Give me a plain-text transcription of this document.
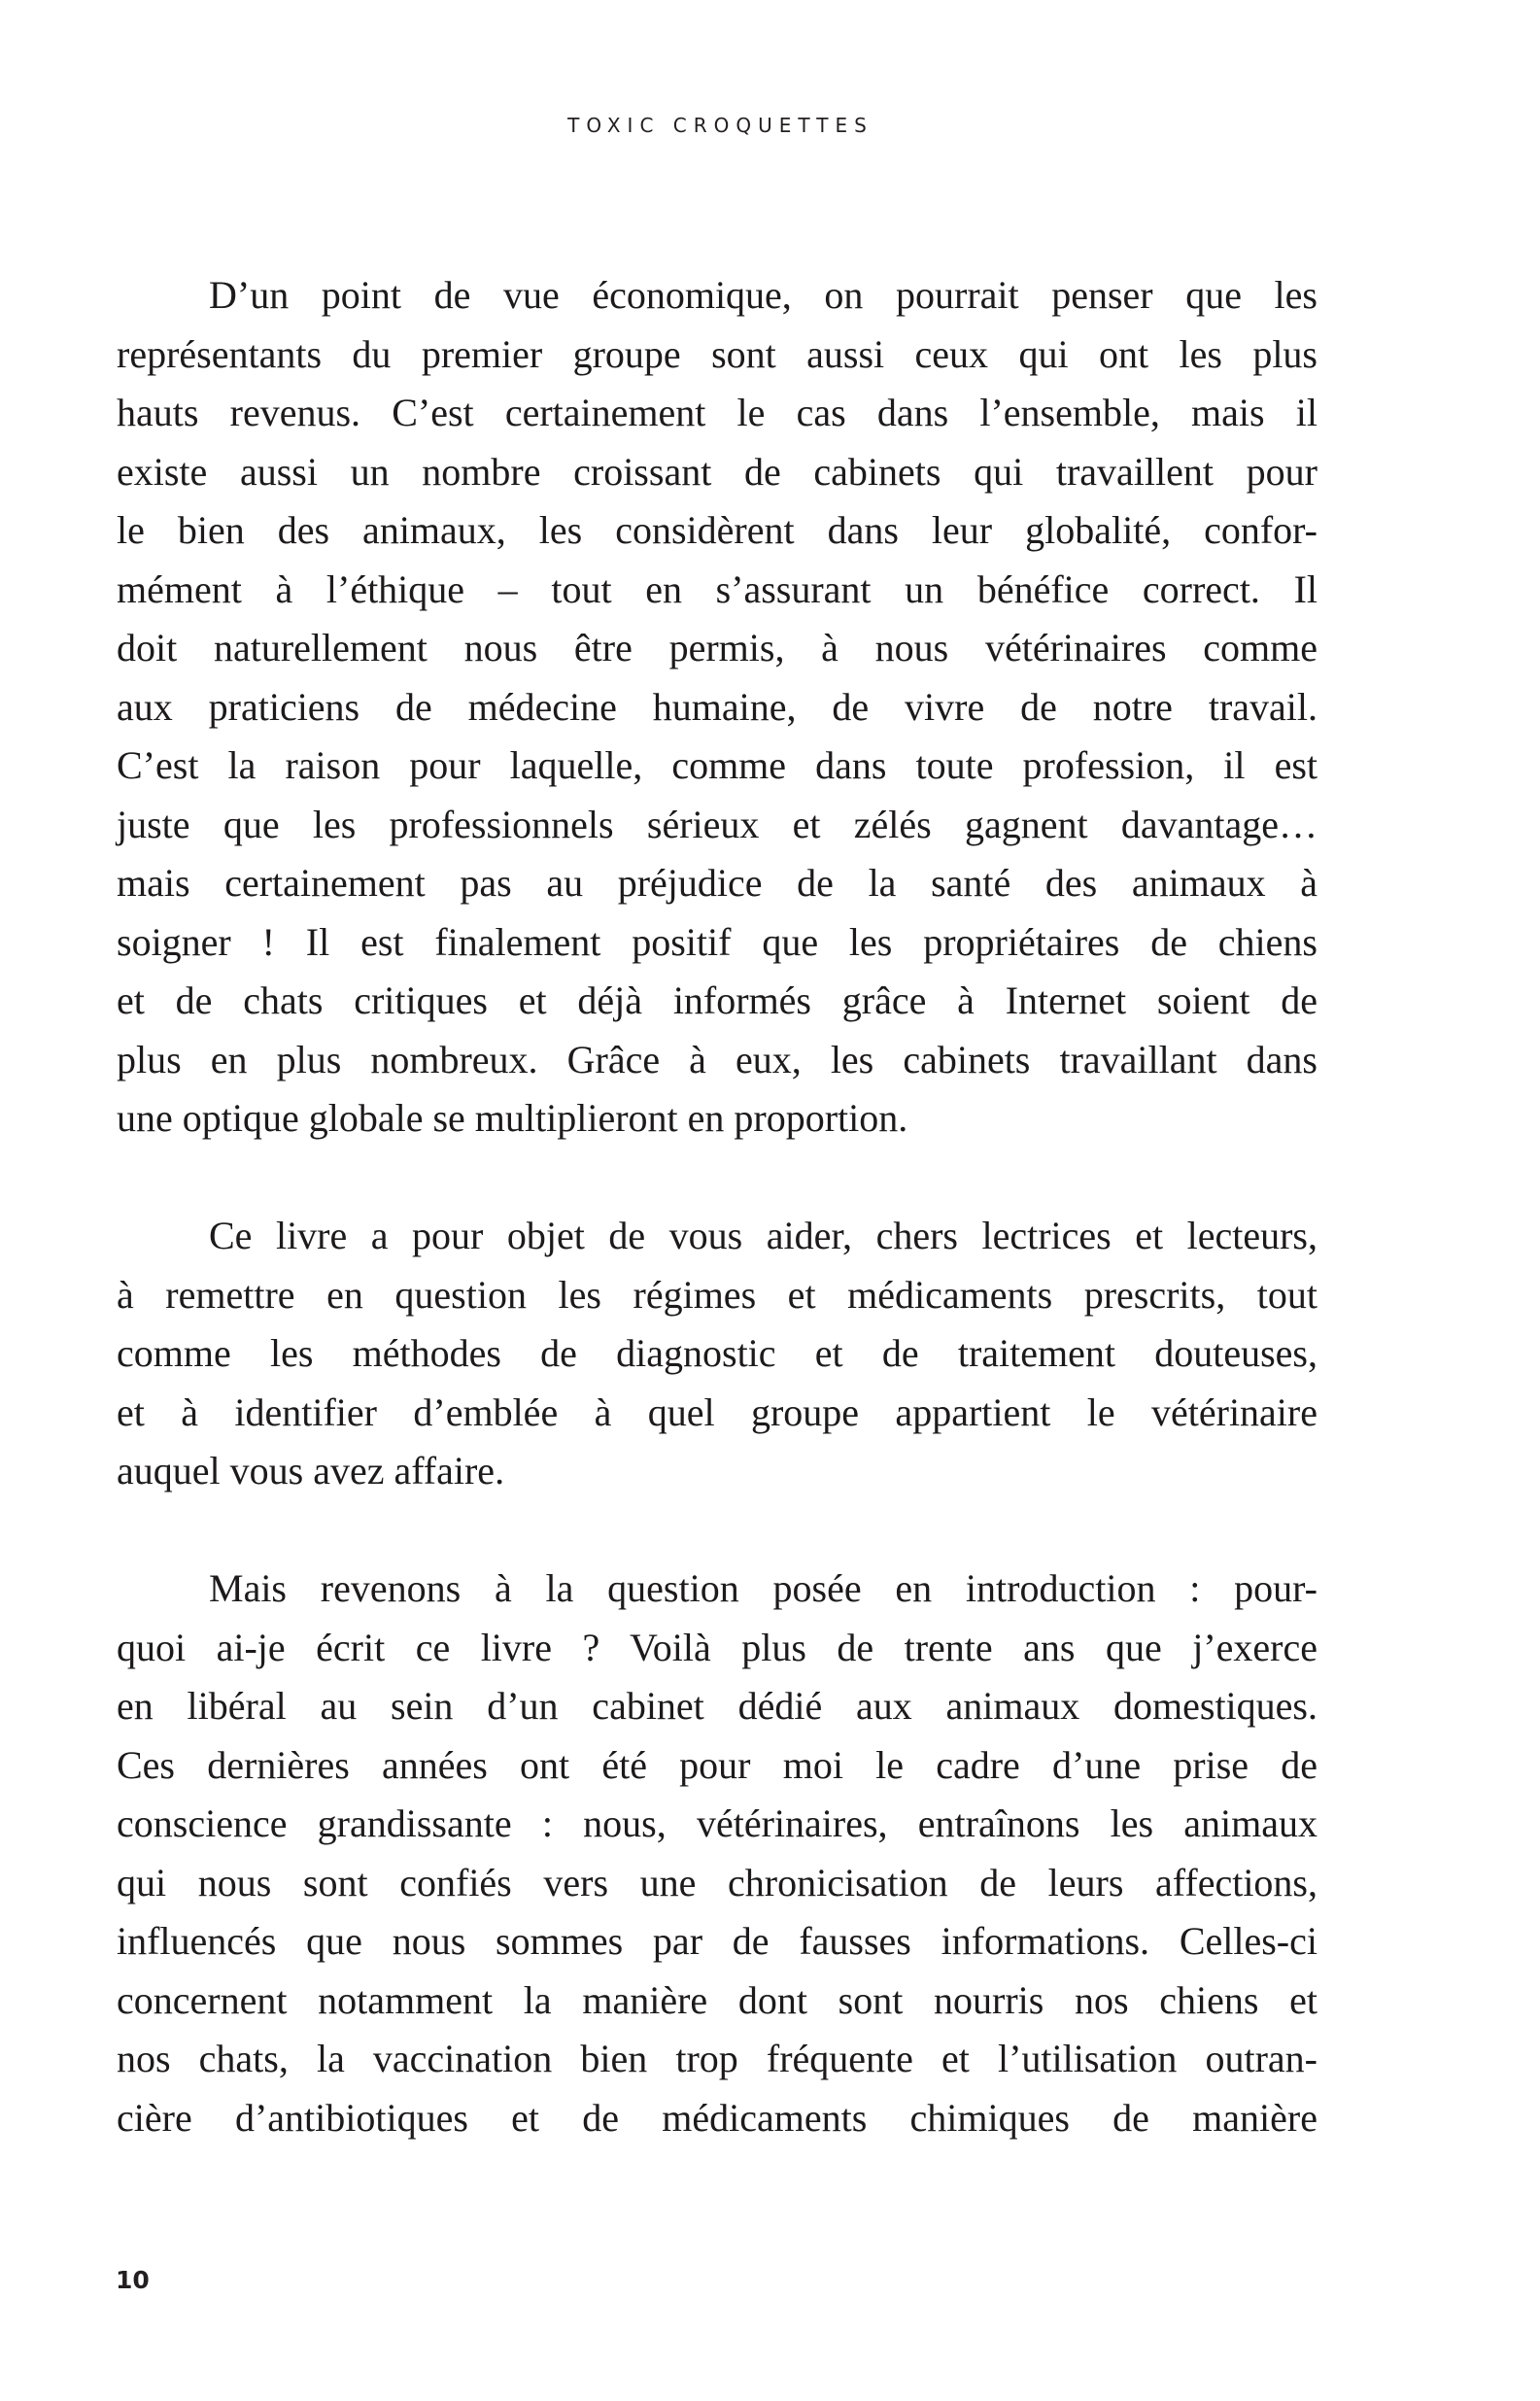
TOXIC CROQUETTES
D’un point de vue économique, on pourrait penser que les
représentants du premier groupe sont aussi ceux qui ont les plus
hauts revenus. C’est certainement le cas dans l’ensemble, mais il
existe aussi un nombre croissant de cabinets qui travaillent pour
le bien des animaux, les considèrent dans leur globalité, confor-
mément à l’éthique – tout en s’assurant un bénéfice correct. Il
doit naturellement nous être permis, à nous vétérinaires comme
aux praticiens de médecine humaine, de vivre de notre travail.
C’est la raison pour laquelle, comme dans toute profession, il est
juste que les professionnels sérieux et zélés gagnent davantage…
mais certainement pas au préjudice de la santé des animaux à
soigner ! Il est finalement positif que les propriétaires de chiens
et de chats critiques et déjà informés grâce à Internet soient de
plus en plus nombreux. Grâce à eux, les cabinets travaillant dans
une optique globale se multiplieront en proportion.
Ce livre a pour objet de vous aider, chers lectrices et lecteurs,
à remettre en question les régimes et médicaments prescrits, tout
comme les méthodes de diagnostic et de traitement douteuses,
et à identifier d’emblée à quel groupe appartient le vétérinaire
auquel vous avez affaire.
Mais revenons à la question posée en introduction : pour-
quoi ai-je écrit ce livre ? Voilà plus de trente ans que j’exerce
en libéral au sein d’un cabinet dédié aux animaux domestiques.
Ces dernières années ont été pour moi le cadre d’une prise de
conscience grandissante : nous, vétérinaires, entraînons les animaux
qui nous sont confiés vers une chronicisation de leurs affections,
influencés que nous sommes par de fausses informations. Celles-ci
concernent notamment la manière dont sont nourris nos chiens et
nos chats, la vaccination bien trop fréquente et l’utilisation outran-
cière d’antibiotiques et de médicaments chimiques de manière
10
